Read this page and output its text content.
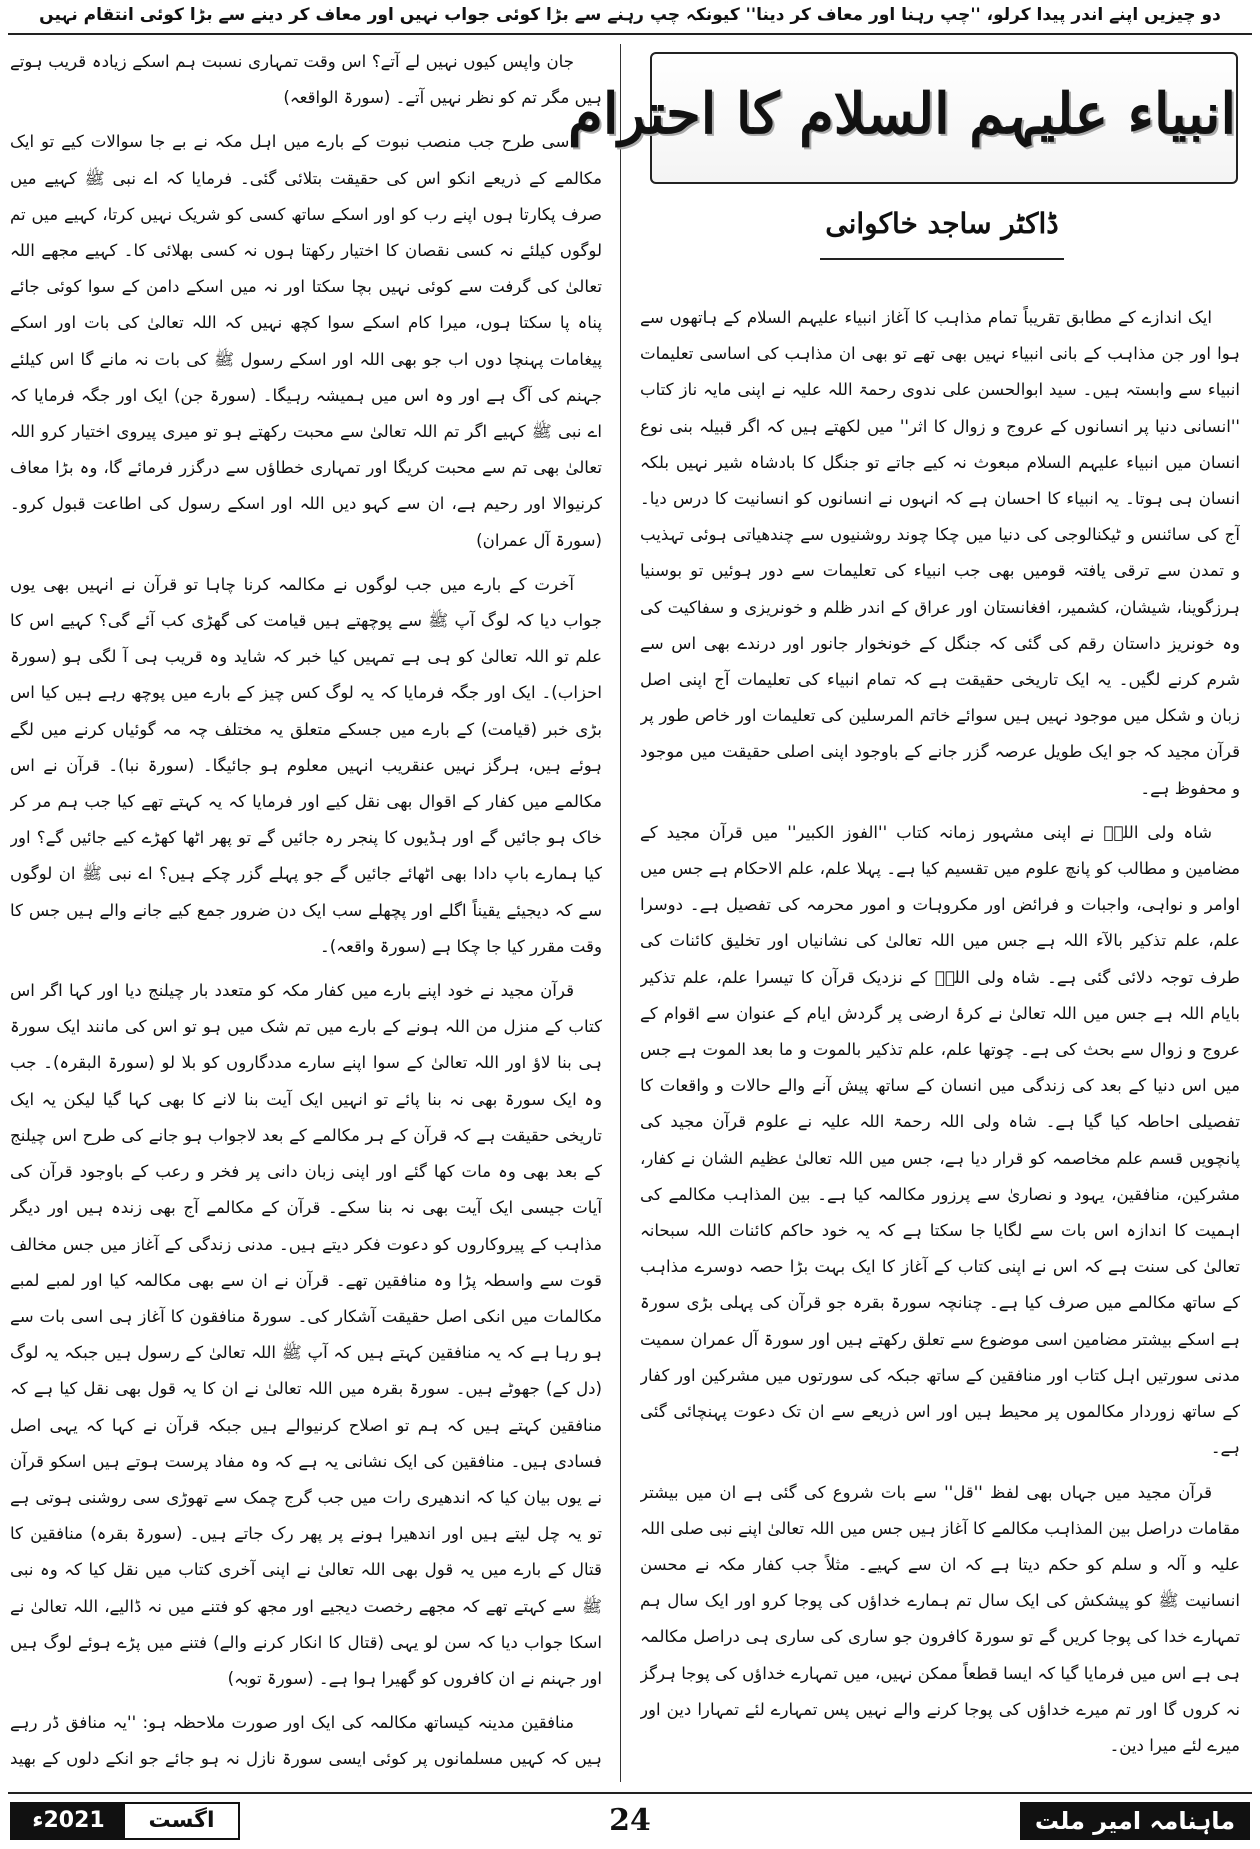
دو چیزیں اپنے اندر پیدا کرلو، ''چپ رہنا اور معاف کر دینا'' کیونکہ چپ رہنے سے بڑا کوئی جواب نہیں اور معاف کر دینے سے بڑا کوئی انتقام نہیں

جان واپس کیوں نہیں لے آتے؟ اس وقت تمہاری نسبت ہم اسکے زیادہ قریب ہوتے ہیں مگر تم کو نظر نہیں آتے۔ (سورۃ الواقعہ)

اسی طرح جب منصب نبوت کے بارے میں اہل مکہ نے بے جا سوالات کیے تو ایک مکالمے کے ذریعے انکو اس کی حقیقت بتلائی گئی۔ فرمایا کہ اے نبی ﷺ کہیے میں صرف پکارتا ہوں اپنے رب کو اور اسکے ساتھ کسی کو شریک نہیں کرتا، کہیے میں تم لوگوں کیلئے نہ کسی نقصان کا اختیار رکھتا ہوں نہ کسی بھلائی کا۔ کہیے مجھے اللہ تعالیٰ کی گرفت سے کوئی نہیں بچا سکتا اور نہ میں اسکے دامن کے سوا کوئی جائے پناہ پا سکتا ہوں، میرا کام اسکے سوا کچھ نہیں کہ اللہ تعالیٰ کی بات اور اسکے پیغامات پہنچا دوں اب جو بھی اللہ اور اسکے رسول ﷺ کی بات نہ مانے گا اس کیلئے جہنم کی آگ ہے اور وہ اس میں ہمیشہ رہیگا۔ (سورۃ جن) ایک اور جگہ فرمایا کہ اے نبی ﷺ کہیے اگر تم اللہ تعالیٰ سے محبت رکھتے ہو تو میری پیروی اختیار کرو اللہ تعالیٰ بھی تم سے محبت کریگا اور تمہاری خطاؤں سے درگزر فرمائے گا، وہ بڑا معاف کرنیوالا اور رحیم ہے، ان سے کہو دیں اللہ اور اسکے رسول کی اطاعت قبول کرو۔ (سورۃ آل عمران)

آخرت کے بارے میں جب لوگوں نے مکالمہ کرنا چاہا تو قرآن نے انہیں بھی یوں جواب دیا کہ لوگ آپ ﷺ سے پوچھتے ہیں قیامت کی گھڑی کب آئے گی؟ کہیے اس کا علم تو اللہ تعالیٰ کو ہی ہے تمہیں کیا خبر کہ شاید وہ قریب ہی آ لگی ہو (سورۃ احزاب)۔ ایک اور جگہ فرمایا کہ یہ لوگ کس چیز کے بارے میں پوچھ رہے ہیں کیا اس بڑی خبر (قیامت) کے بارے میں جسکے متعلق یہ مختلف چہ مہ گوئیاں کرنے میں لگے ہوئے ہیں، ہرگز نہیں عنقریب انہیں معلوم ہو جائیگا۔ (سورۃ نبا)۔ قرآن نے اس مکالمے میں کفار کے اقوال بھی نقل کیے اور فرمایا کہ یہ کہتے تھے کیا جب ہم مر کر خاک ہو جائیں گے اور ہڈیوں کا پنجر رہ جائیں گے تو پھر اٹھا کھڑے کیے جائیں گے؟ اور کیا ہمارے باپ دادا بھی اٹھائے جائیں گے جو پہلے گزر چکے ہیں؟ اے نبی ﷺ ان لوگوں سے کہ دیجیئے یقیناً اگلے اور پچھلے سب ایک دن ضرور جمع کیے جانے والے ہیں جس کا وقت مقرر کیا جا چکا ہے (سورۃ واقعہ)۔

قرآن مجید نے خود اپنے بارے میں کفار مکہ کو متعدد بار چیلنج دیا اور کہا اگر اس کتاب کے منزل من اللہ ہونے کے بارے میں تم شک میں ہو تو اس کی مانند ایک سورۃ ہی بنا لاؤ اور اللہ تعالیٰ کے سوا اپنے سارے مددگاروں کو بلا لو (سورۃ البقرہ)۔ جب وہ ایک سورۃ بھی نہ بنا پائے تو انہیں ایک آیت بنا لانے کا بھی کہا گیا لیکن یہ ایک تاریخی حقیقت ہے کہ قرآن کے ہر مکالمے کے بعد لاجواب ہو جانے کی طرح اس چیلنج کے بعد بھی وہ مات کھا گئے اور اپنی زبان دانی پر فخر و رعب کے باوجود قرآن کی آیات جیسی ایک آیت بھی نہ بنا سکے۔ قرآن کے مکالمے آج بھی زندہ ہیں اور دیگر مذاہب کے پیروکاروں کو دعوت فکر دیتے ہیں۔ مدنی زندگی کے آغاز میں جس مخالف قوت سے واسطہ پڑا وہ منافقین تھے۔ قرآن نے ان سے بھی مکالمہ کیا اور لمبے لمبے مکالمات میں انکی اصل حقیقت آشکار کی۔ سورۃ منافقون کا آغاز ہی اسی بات سے ہو رہا ہے کہ یہ منافقین کہتے ہیں کہ آپ ﷺ اللہ تعالیٰ کے رسول ہیں جبکہ یہ لوگ (دل کے) جھوٹے ہیں۔ سورۃ بقرہ میں اللہ تعالیٰ نے ان کا یہ قول بھی نقل کیا ہے کہ منافقین کہتے ہیں کہ ہم تو اصلاح کرنیوالے ہیں جبکہ قرآن نے کہا کہ یہی اصل فسادی ہیں۔ منافقین کی ایک نشانی یہ ہے کہ وہ مفاد پرست ہوتے ہیں اسکو قرآن نے یوں بیان کیا کہ اندھیری رات میں جب گرج چمک سے تھوڑی سی روشنی ہوتی ہے تو یہ چل لیتے ہیں اور اندھیرا ہونے پر پھر رک جاتے ہیں۔ (سورۃ بقرہ) منافقین کا قتال کے بارے میں یہ قول بھی اللہ تعالیٰ نے اپنی آخری کتاب میں نقل کیا کہ وہ نبی ﷺ سے کہتے تھے کہ مجھے رخصت دیجیے اور مجھ کو فتنے میں نہ ڈالیے، اللہ تعالیٰ نے اسکا جواب دیا کہ سن لو یہی (قتال کا انکار کرنے والے) فتنے میں پڑے ہوئے لوگ ہیں اور جہنم نے ان کافروں کو گھیرا ہوا ہے۔ (سورۃ توبہ)

منافقین مدینہ کیساتھ مکالمہ کی ایک اور صورت ملاحظہ ہو: ''یہ منافق ڈر رہے ہیں کہ کہیں مسلمانوں پر کوئی ایسی سورۃ نازل نہ ہو جائے جو انکے دلوں کے بھید

انبیاء علیہم السلام کا احترام
ڈاکٹر ساجد خاکوانی

ایک اندازے کے مطابق تقریباً تمام مذاہب کا آغاز انبیاء علیہم السلام کے ہاتھوں سے ہوا اور جن مذاہب کے بانی انبیاء نہیں بھی تھے تو بھی ان مذاہب کی اساسی تعلیمات انبیاء سے وابستہ ہیں۔ سید ابوالحسن علی ندوی رحمۃ اللہ علیہ نے اپنی مایہ ناز کتاب ''انسانی دنیا پر انسانوں کے عروج و زوال کا اثر'' میں لکھتے ہیں کہ اگر قبیلہ بنی نوع انسان میں انبیاء علیہم السلام مبعوث نہ کیے جاتے تو جنگل کا بادشاہ شیر نہیں بلکہ انسان ہی ہوتا۔ یہ انبیاء کا احسان ہے کہ انہوں نے انسانوں کو انسانیت کا درس دیا۔ آج کی سائنس و ٹیکنالوجی کی دنیا میں چکا چوند روشنیوں سے چندھیاتی ہوئی تہذیب و تمدن سے ترقی یافتہ قومیں بھی جب انبیاء کی تعلیمات سے دور ہوئیں تو بوسنیا ہرزگوینا، شیشان، کشمیر، افغانستان اور عراق کے اندر ظلم و خونریزی و سفاکیت کی وہ خونریز داستان رقم کی گئی کہ جنگل کے خونخوار جانور اور درندے بھی اس سے شرم کرنے لگیں۔ یہ ایک تاریخی حقیقت ہے کہ تمام انبیاء کی تعلیمات آج اپنی اصل زبان و شکل میں موجود نہیں ہیں سوائے خاتم المرسلین کی تعلیمات اور خاص طور پر قرآن مجید کہ جو ایک طویل عرصہ گزر جانے کے باوجود اپنی اصلی حقیقت میں موجود و محفوظ ہے۔

شاہ ولی اللہؒ نے اپنی مشہور زمانہ کتاب ''الفوز الکبیر'' میں قرآن مجید کے مضامین و مطالب کو پانچ علوم میں تقسیم کیا ہے۔ پہلا علم، علم الاحکام ہے جس میں اوامر و نواہی، واجبات و فرائض اور مکروہات و امور محرمہ کی تفصیل ہے۔ دوسرا علم، علم تذکیر بالآء اللہ ہے جس میں اللہ تعالیٰ کی نشانیاں اور تخلیق کائنات کی طرف توجہ دلائی گئی ہے۔ شاہ ولی اللہؒ کے نزدیک قرآن کا تیسرا علم، علم تذکیر بایام اللہ ہے جس میں اللہ تعالیٰ نے کرۂ ارضی پر گردش ایام کے عنوان سے اقوام کے عروج و زوال سے بحث کی ہے۔ چوتھا علم، علم تذکیر بالموت و ما بعد الموت ہے جس میں اس دنیا کے بعد کی زندگی میں انسان کے ساتھ پیش آنے والے حالات و واقعات کا تفصیلی احاطہ کیا گیا ہے۔ شاہ ولی اللہ رحمۃ اللہ علیہ نے علوم قرآن مجید کی پانچویں قسم علم مخاصمہ کو قرار دیا ہے، جس میں اللہ تعالیٰ عظیم الشان نے کفار، مشرکین، منافقین، یہود و نصاریٰ سے پرزور مکالمہ کیا ہے۔ بین المذاہب مکالمے کی اہمیت کا اندازہ اس بات سے لگایا جا سکتا ہے کہ یہ خود حاکم کائنات اللہ سبحانہ تعالیٰ کی سنت ہے کہ اس نے اپنی کتاب کے آغاز کا ایک بہت بڑا حصہ دوسرے مذاہب کے ساتھ مکالمے میں صرف کیا ہے۔ چنانچہ سورۃ بقرہ جو قرآن کی پہلی بڑی سورۃ ہے اسکے بیشتر مضامین اسی موضوع سے تعلق رکھتے ہیں اور سورۃ آل عمران سمیت مدنی سورتیں اہل کتاب اور منافقین کے ساتھ جبکہ کی سورتوں میں مشرکین اور کفار کے ساتھ زوردار مکالموں پر محیط ہیں اور اس ذریعے سے ان تک دعوت پہنچائی گئی ہے۔

قرآن مجید میں جہاں بھی لفظ ''قل'' سے بات شروع کی گئی ہے ان میں بیشتر مقامات دراصل بین المذاہب مکالمے کا آغاز ہیں جس میں اللہ تعالیٰ اپنے نبی صلی اللہ علیہ و آلہ و سلم کو حکم دیتا ہے کہ ان سے کہیے۔ مثلاً جب کفار مکہ نے محسن انسانیت ﷺ کو پیشکش کی ایک سال تم ہمارے خداؤں کی پوجا کرو اور ایک سال ہم تمہارے خدا کی پوجا کریں گے تو سورۃ کافرون جو ساری کی ساری ہی دراصل مکالمہ ہی ہے اس میں فرمایا گیا کہ ایسا قطعاً ممکن نہیں، میں تمہارے خداؤں کی پوجا ہرگز نہ کروں گا اور تم میرے خداؤں کی پوجا کرنے والے نہیں پس تمہارے لئے تمہارا دین اور میرے لئے میرا دین۔

ماہنامہ امیر ملت
24
اگست
2021ء
